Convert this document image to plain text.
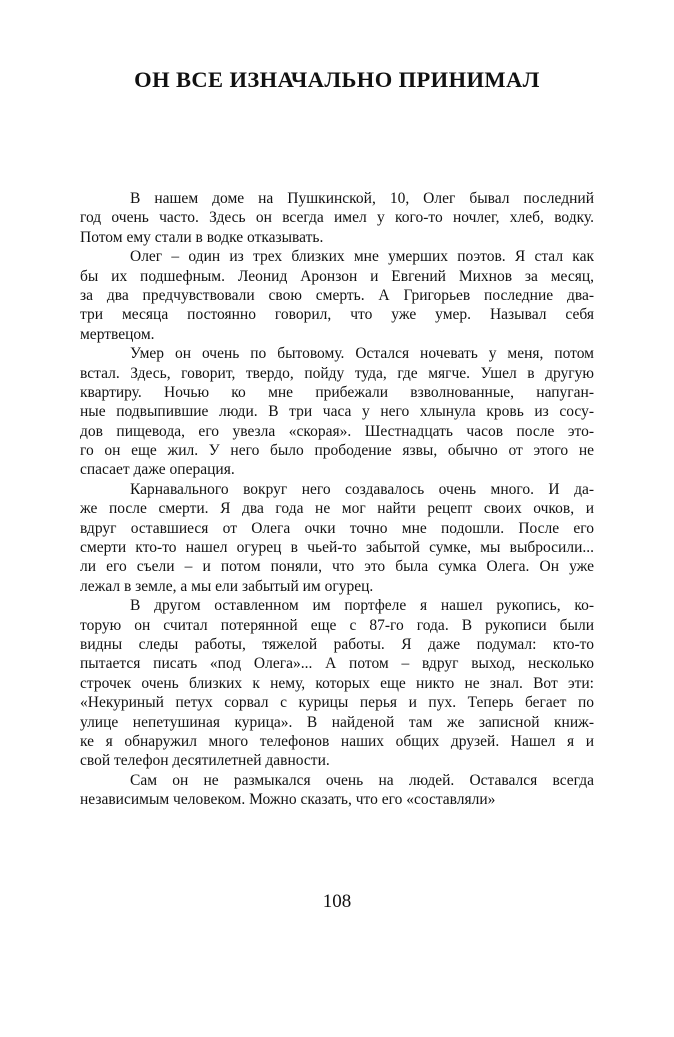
ОН ВСЕ ИЗНАЧАЛЬНО ПРИНИМАЛ
В нашем доме на Пушкинской, 10, Олег бывал последний
год очень часто. Здесь он всегда имел у кого-то ночлег, хлеб, водку.
Потом ему стали в водке отказывать.
Олег – один из трех близких мне умерших поэтов. Я стал как
бы их подшефным. Леонид Аронзон и Евгений Михнов за месяц,
за два предчувствовали свою смерть. А Григорьев последние два-
три месяца постоянно говорил, что уже умер. Называл себя
мертвецом.
Умер он очень по бытовому. Остался ночевать у меня, потом
встал. Здесь, говорит, твердо, пойду туда, где мягче. Ушел в другую
квартиру. Ночью ко мне прибежали взволнованные, напуган-
ные подвыпившие люди. В три часа у него хлынула кровь из сосу-
дов пищевода, его увезла «скорая». Шестнадцать часов после это-
го он еще жил. У него было прободение язвы, обычно от этого не
спасает даже операция.
Карнавального вокруг него создавалось очень много. И да-
же после смерти. Я два года не мог найти рецепт своих очков, и
вдруг оставшиеся от Олега очки точно мне подошли. После его
смерти кто-то нашел огурец в чьей-то забытой сумке, мы выбросили...
ли его съели – и потом поняли, что это была сумка Олега. Он уже
лежал в земле, а мы ели забытый им огурец.
В другом оставленном им портфеле я нашел рукопись, ко-
торую он считал потерянной еще с 87-го года. В рукописи были
видны следы работы, тяжелой работы. Я даже подумал: кто-то
пытается писать «под Олега»... А потом – вдруг выход, несколько
строчек очень близких к нему, которых еще никто не знал. Вот эти:
«Некуриный петух сорвал с курицы перья и пух. Теперь бегает по
улице непетушиная курица». В найденой там же записной книж-
ке я обнаружил много телефонов наших общих друзей. Нашел я и
свой телефон десятилетней давности.
Сам он не размыкался очень на людей. Оставался всегда
независимым человеком. Можно сказать, что его «составляли»
108
